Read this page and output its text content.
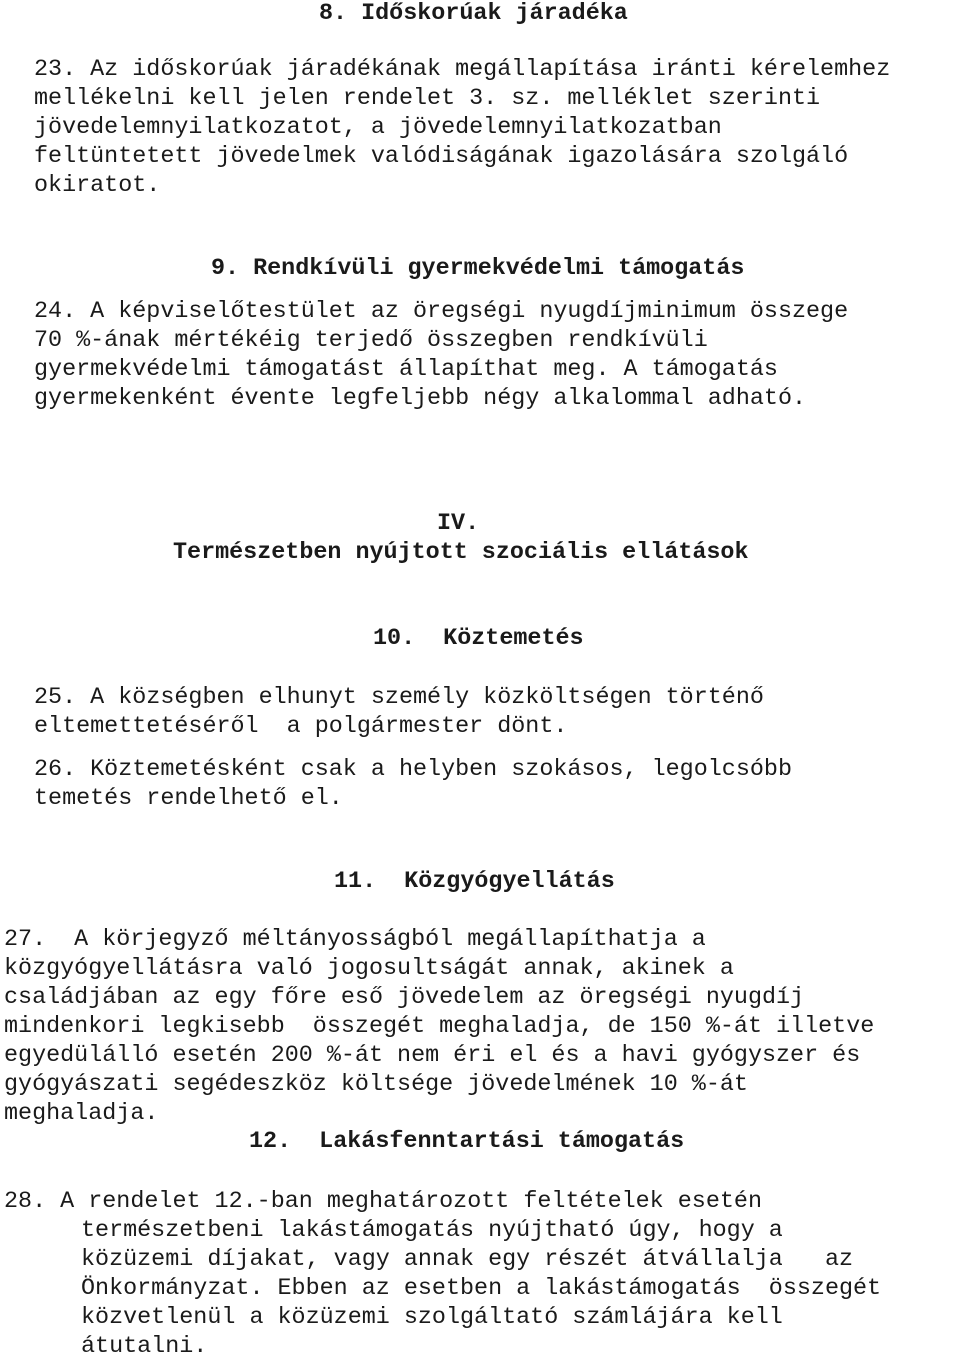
8. Időskorúak járadéka
23. Az időskorúak járadékának megállapítása iránti kérelemhez
mellékelni kell jelen rendelet 3. sz. melléklet szerinti
jövedelemnyilatkozatot, a jövedelemnyilatkozatban
feltüntetett jövedelmek valódiságának igazolására szolgáló
okiratot.
9. Rendkívüli gyermekvédelmi támogatás
24. A képviselőtestület az öregségi nyugdíjminimum összege
70 %-ának mértékéig terjedő összegben rendkívüli
gyermekvédelmi támogatást állapíthat meg. A támogatás
gyermekenként évente legfeljebb négy alkalommal adható.
IV.
Természetben nyújtott szociális ellátások
10.  Köztemetés
25. A községben elhunyt személy közköltségen történő
eltemettetéséről  a polgármester dönt.
26. Köztemetésként csak a helyben szokásos, legolcsóbb
temetés rendelhető el.
11.  Közgyógyellátás
27.  A körjegyző méltányosságból megállapíthatja a
közgyógyellátásra való jogosultságát annak, akinek a
családjában az egy főre eső jövedelem az öregségi nyugdíj
mindenkori legkisebb  összegét meghaladja, de 150 %-át illetve
egyedülálló esetén 200 %-át nem éri el és a havi gyógyszer és
gyógyászati segédeszköz költsége jövedelmének 10 %-át
meghaladja.
12.  Lakásfenntartási támogatás
28. A rendelet 12.-ban meghatározott feltételek esetén
természetbeni lakástámogatás nyújtható úgy, hogy a
közüzemi díjakat, vagy annak egy részét átvállalja   az
Önkormányzat. Ebben az esetben a lakástámogatás  összegét
közvetlenül a közüzemi szolgáltató számlájára kell
átutalni.
